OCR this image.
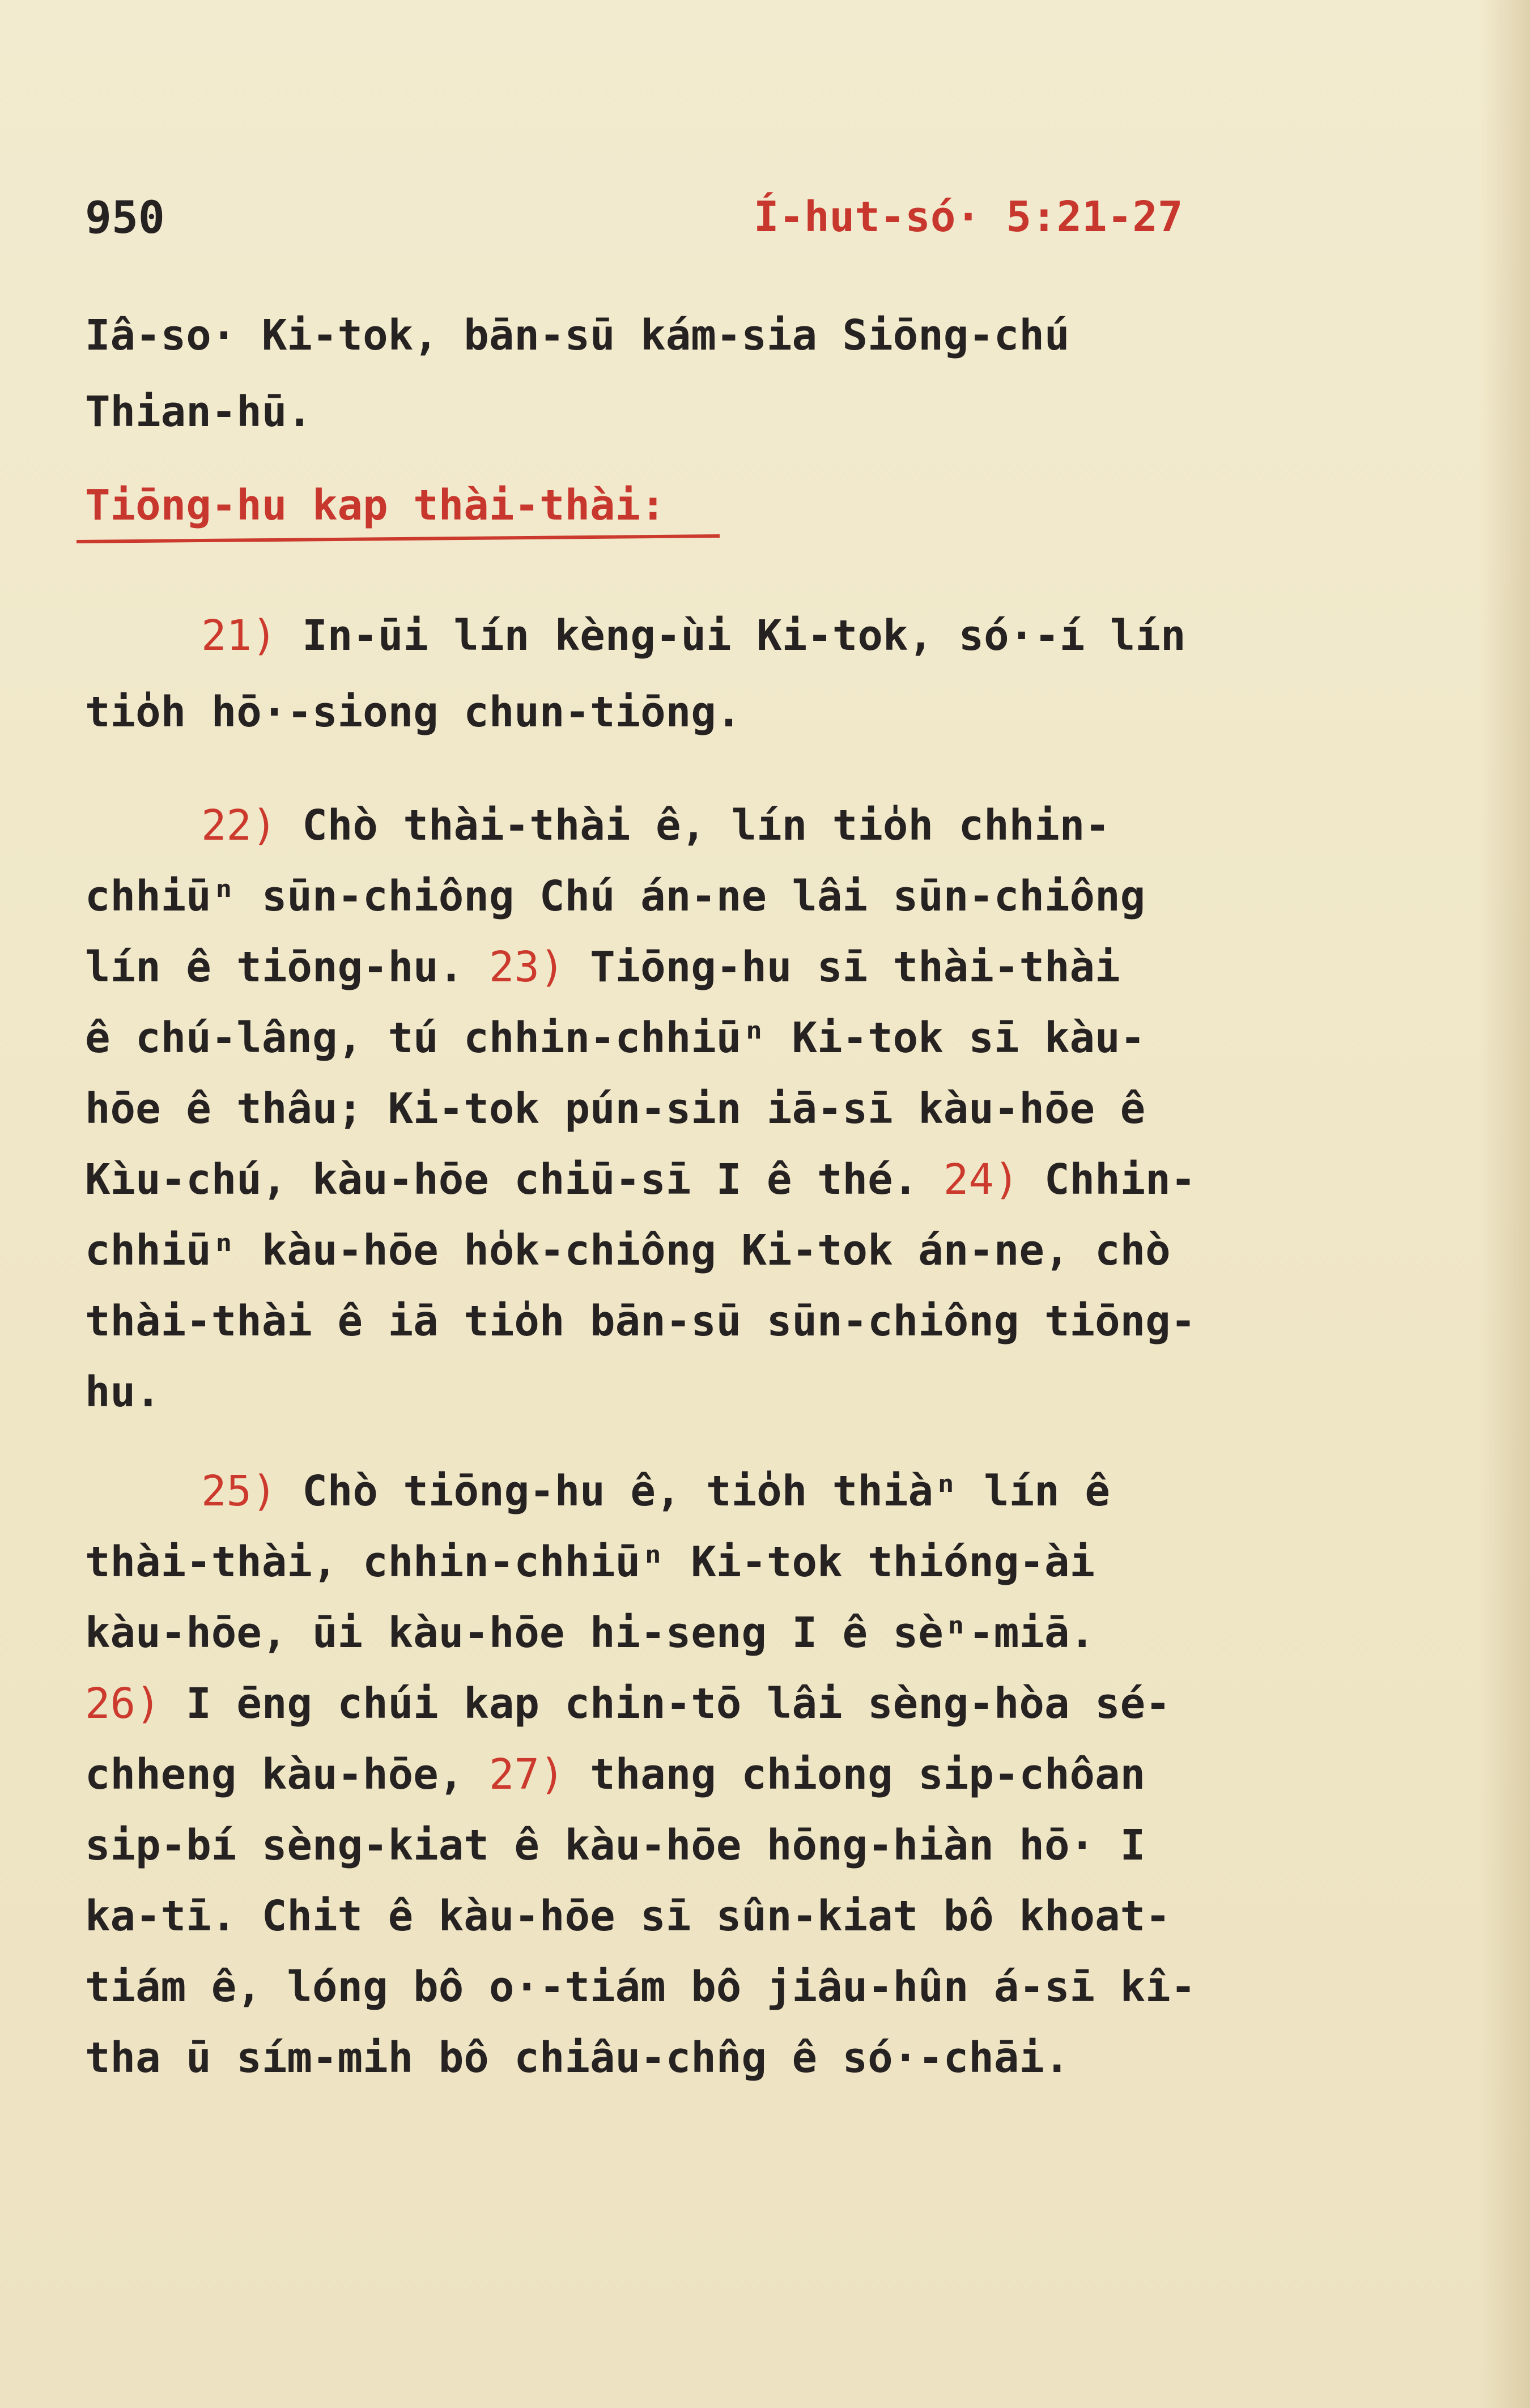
950	Í-hut-só· 5:21-27
Iâ-so· Ki-tok, bān-sū kám-sia Siōng-chú
Thian-hū.
Tiōng-hu kap thài-thài:
21) In-ūi lín kèng-ùi Ki-tok, só·-í lín
tio̍h hō·-siong chun-tiōng.
22) Chò thài-thài ê, lín tio̍h chhin-
chhiūⁿ sūn-chiông Chú án-ne lâi sūn-chiông
lín ê tiōng-hu. 23) Tiōng-hu sī thài-thài
ê chú-lâng, tú chhin-chhiūⁿ Ki-tok sī kàu-
hōe ê thâu; Ki-tok pún-sin iā-sī kàu-hōe ê
Kìu-chú, kàu-hōe chiū-sī I ê thé. 24) Chhin-
chhiūⁿ kàu-hōe ho̍k-chiông Ki-tok án-ne, chò
thài-thài ê iā tio̍h bān-sū sūn-chiông tiōng-
hu.
25) Chò tiōng-hu ê, tio̍h thiàⁿ lín ê
thài-thài, chhin-chhiūⁿ Ki-tok thióng-ài
kàu-hōe, ūi kàu-hōe hi-seng I ê sèⁿ-miā.
26) I ēng chúi kap chin-tō lâi sèng-hòa sé-
chheng kàu-hōe, 27) thang chiong sip-chôan
sip-bí sèng-kiat ê kàu-hōe hōng-hiàn hō· I
ka-tī. Chit ê kàu-hōe sī sûn-kiat bô khoat-
tiám ê, lóng bô o·-tiám bô jiâu-hûn á-sī kî-
tha ū sím-mih bô chiâu-chn̂g ê só·-chāi.
